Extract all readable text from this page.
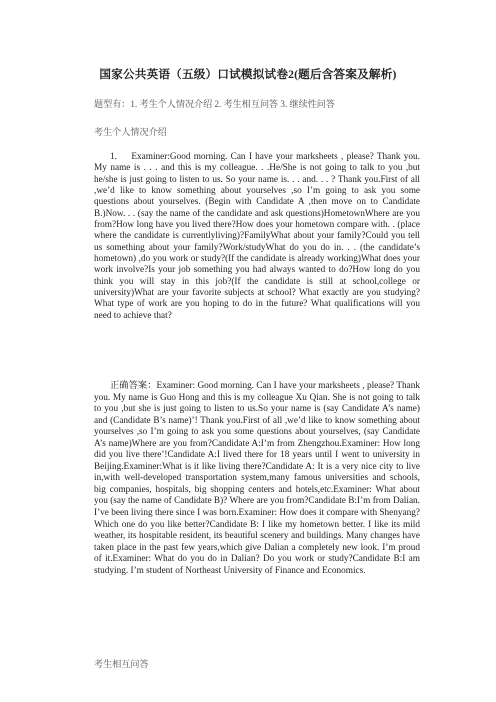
国家公共英语（五级）口试模拟试卷2(题后含答案及解析)
题型有：1. 考生个人情况介绍 2. 考生相互问答 3. 继续性问答
考生个人情况介绍

1.　 Examiner:Good morning. Can I have your marksheets , please? Thank you. My name is . . . and this is my colleague. . .He/She is not going to talk to you ,but he/she is just going to listen to us. So your name is. . . and. . . ? Thank you.First of all ,we’d like to know something about yourselves ,so I’m going to ask you some questions about yourselves. (Begin with Candidate A ,then move on to Candidate B.)Now. . . (say the name of the candidate and ask questions)HometownWhere are you from?How long have you lived there?How does your hometown compare with. . (place where the candidate is currentlyliving)?FamilyWhat about your family?Could you tell us something about your family?Work/studyWhat do you do in. . . (the candidate’s hometown) ,do you work or study?(If the candidate is already working)What does your work involve?Is your job something you had always wanted to do?How long do you think you will stay in this job?(If the candidate is still at school,college or university)What are your favorite subjects at school? What exactly are you studying? What type of work are you hoping to do in the future? What qualifications will you need to achieve that?

正确答案：Examiner: Good morning. Can I have your marksheets , please? Thank you. My name is Guo Hong and this is my colleague Xu Qian. She is not going to talk to you ,but she is just going to listen to us.So your name is (say Candidate A’s name) and (Candidate B’s name)’! Thank you.First of all ,we’d like to know something about yourselves ,so I’m going to ask you some questions about yourselves, (say Candidate A’s name)Where are you from?Candidate A:I’m from Zhengzhou.Examiner: How long did you live there’!Candidate A:I lived there for 18 years until I went to university in Beijing.Examiner:What is it like living there?Candidate A: It is a very nice city to live in,with well-developed transportation system,many famous universities and schools, big companies, hospitals, big shopping centers and hotels,etc.Examiner: What about you (say the name of Candidate B)? Where are you from?Candidate B:I’m from Dalian. I’ve been living there since I was born.Examiner: How does it compare with Shenyang? Which one do you like better?Candidate B: I like my hometown better. I like its mild weather, its hospitable resident, its beautiful scenery and buildings. Many changes have taken place in the past few years,which give Dalian a completely new look. I’m proud of it.Examiner: What do you do in Dalian? Do you work or study?Candidate B:I am studying. I’m student of Northeast University of Finance and Economics.

考生相互问答
